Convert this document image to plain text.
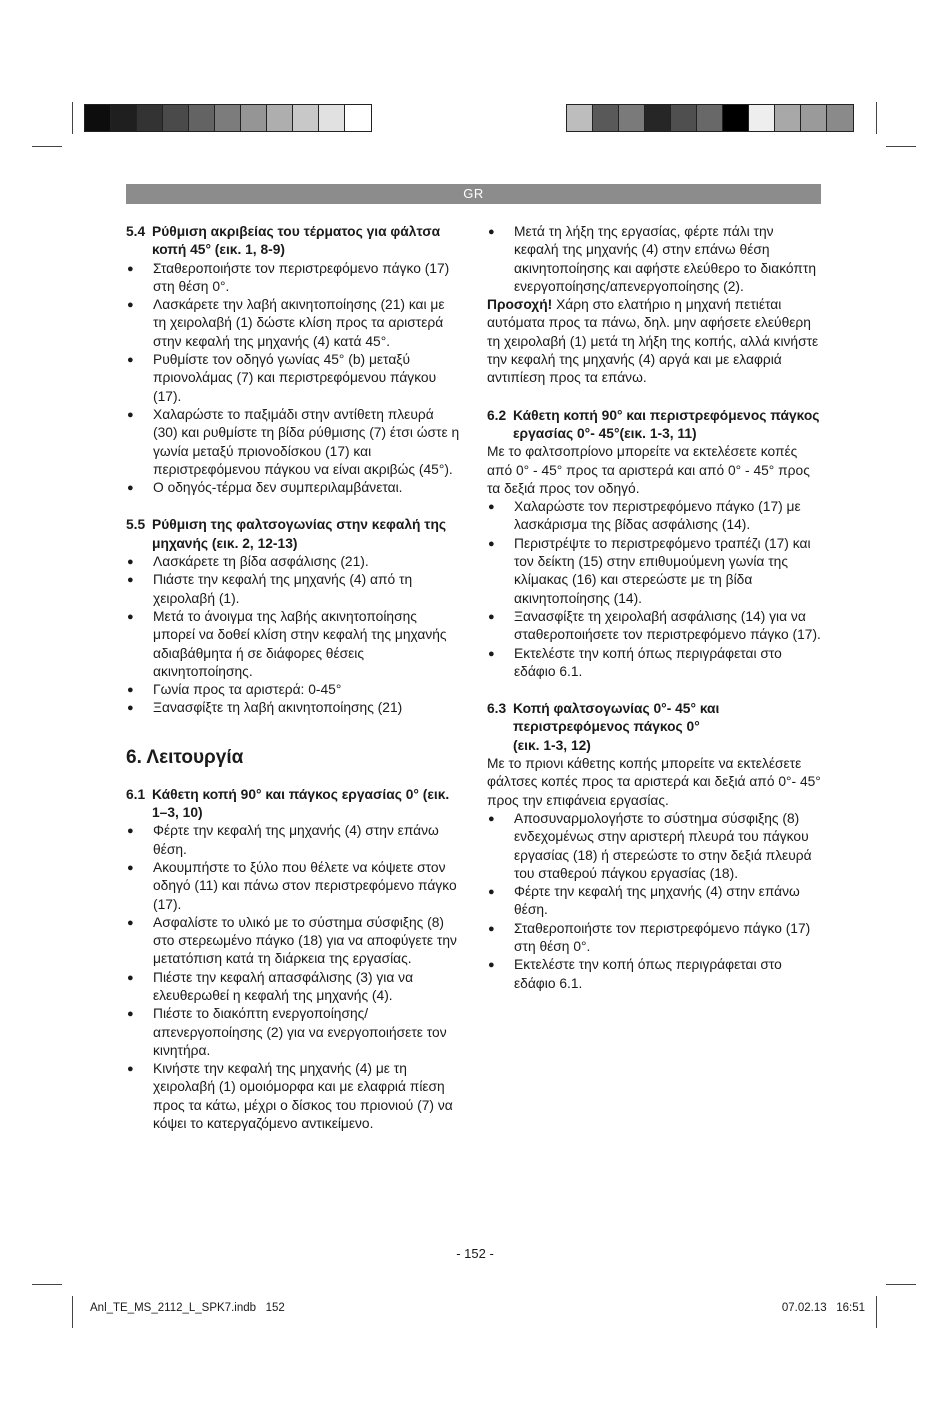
GR
5.4 Ρύθμιση ακριβείας του τέρματος για φάλτσα κοπή 45° (εικ. 1, 8-9)
● Σταθεροποιήστε τον περιστρεφόμενο πάγκο (17) στη θέση 0°.
● Λασκάρετε την λαβή ακινητοποίησης (21) και με τη χειρολαβή (1) δώστε κλίση προς τα αριστερά στην κεφαλή της μηχανής (4) κατά 45°.
● Ρυθμίστε τον οδηγό γωνίας 45° (b) μεταξύ πριονολάμας (7) και περιστρεφόμενου πάγκου (17).
● Χαλαρώστε το παξιμάδι στην αντίθετη πλευρά (30) και ρυθμίστε τη βίδα ρύθμισης (7) έτσι ώστε η γωνία μεταξύ πριονοδίσκου (17) και περιστρεφόμενου πάγκου να είναι ακριβώς (45°).
● Ο οδηγός-τέρμα δεν συμπεριλαμβάνεται.
5.5 Ρύθμιση της φαλτσογωνίας στην κεφαλή της μηχανής (εικ. 2, 12-13)
● Λασκάρετε τη βίδα ασφάλισης (21).
● Πιάστε την κεφαλή της μηχανής (4) από τη χειρολαβή (1).
● Μετά το άνοιγμα της λαβής ακινητοποίησης μπορεί να δοθεί κλίση στην κεφαλή της μηχανής αδιαβάθμητα ή σε διάφορες θέσεις ακινητοποίησης.
● Γωνία προς τα αριστερά: 0-45°
● Ξανασφίξτε τη λαβή ακινητοποίησης (21)
6. Λειτουργία
6.1 Κάθετη κοπή 90° και πάγκος εργασίας 0° (εικ. 1–3, 10)
● Φέρτε την κεφαλή της μηχανής (4) στην επάνω θέση.
● Ακουμπήστε το ξύλο που θέλετε να κόψετε στον οδηγό (11) και πάνω στον περιστρεφόμενο πάγκο (17).
● Ασφαλίστε το υλικό με το σύστημα σύσφιξης (8) στο στερεωμένο πάγκο (18) για να αποφύγετε την μετατόπιση κατά τη διάρκεια της εργασίας.
● Πιέστε την κεφαλή απασφάλισης (3) για να ελευθερωθεί η κεφαλή της μηχανής (4).
● Πιέστε το διακόπτη ενεργοποίησης/ απενεργοποίησης (2) για να ενεργοποιήσετε τον κινητήρα.
● Κινήστε την κεφαλή της μηχανής (4) με τη χειρολαβή (1) ομοιόμορφα και με ελαφριά πίεση προς τα κάτω, μέχρι ο δίσκος του πριονιού (7) να κόψει το κατεργαζόμενο αντικείμενο.
● Μετά τη λήξη της εργασίας, φέρτε πάλι την κεφαλή της μηχανής (4) στην επάνω θέση ακινητοποίησης και αφήστε ελεύθερο το διακόπτη ενεργοποίησης/απενεργοποίησης (2).

Προσοχή! Χάρη στο ελατήριο η μηχανή πετιέται αυτόματα προς τα πάνω, δηλ. μην αφήσετε ελεύθερη τη χειρολαβή (1) μετά τη λήξη της κοπής, αλλά κινήστε την κεφαλή της μηχανής (4) αργά και με ελαφριά αντιπίεση προς τα επάνω.

6.2 Κάθετη κοπή 90° και περιστρεφόμενος πάγκος εργασίας 0°- 45°(εικ. 1-3, 11)

Με το φαλτσοπρίονο μπορείτε να εκτελέσετε κοπές από 0° - 45° προς τα αριστερά και από 0° - 45° προς τα δεξιά προς τον οδηγό.

● Χαλαρώστε τον περιστρεφόμενο πάγκο (17) με λασκάρισμα της βίδας ασφάλισης (14).
● Περιστρέψτε το περιστρεφόμενο τραπέζι (17) και τον δείκτη (15) στην επιθυμούμενη γωνία της κλίμακας (16) και στερεώστε με τη βίδα ακινητοποίησης (14).
● Ξανασφίξτε τη χειρολαβή ασφάλισης (14) για να σταθεροποιήσετε τον περιστρεφόμενο πάγκο (17).
● Εκτελέστε την κοπή όπως περιγράφεται στο εδάφιο 6.1.
6.3 Κοπή φαλτσογωνίας 0°- 45° και
περιστρεφόμενος πάγκος 0°
(εικ. 1-3, 12)

Με το πριονι κάθετης κοπής μπορείτε να εκτελέσετε φάλτσες κοπές προς τα αριστερά και δεξιά από 0°- 45° προς την επιφάνεια εργασίας.

● Αποσυναρμολογήστε το σύστημα σύσφιξης (8) ενδεχομένως στην αριστερή πλευρά του πάγκου εργασίας (18) ή στερεώστε το στην δεξιά πλευρά του σταθερού πάγκου εργασίας (18).
● Φέρτε την κεφαλή της μηχανής (4) στην επάνω θέση.
● Σταθεροποιήστε τον περιστρεφόμενο πάγκο (17) στη θέση 0°.
● Εκτελέστε την κοπή όπως περιγράφεται στο εδάφιο 6.1.
- 152 -
Anl_TE_MS_2112_L_SPK7.indb   152	07.02.13   16:51
